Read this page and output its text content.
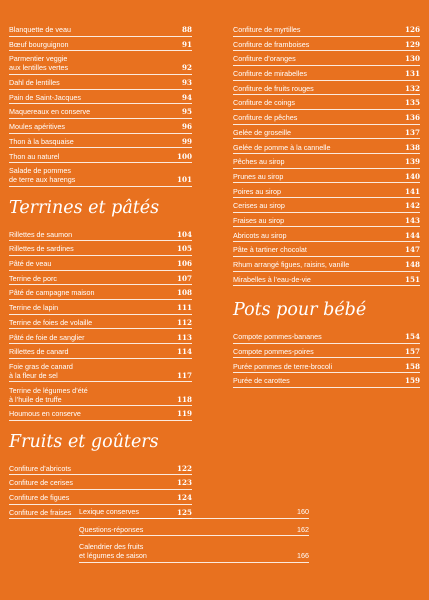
Blanquette de veau	88
Bœuf bourguignon	91
Parmentier veggie
aux lentilles vertes	92
Dahl de lentilles	93
Pain de Saint-Jacques	94
Maquereaux en conserve	95
Moules apéritives	96
Thon à la basquaise	99
Thon au naturel	100
Salade de pommes
de terre aux harengs	101
Terrines et pâtés
Rillettes de saumon	104
Rillettes de sardines	105
Pâté de veau	106
Terrine de porc	107
Pâté de campagne maison	108
Terrine de lapin	111
Terrine de foies de volaille	112
Pâté de foie de sanglier	113
Rillettes de canard	114
Foie gras de canard
à la fleur de sel	117
Terrine de légumes d’été
à l’huile de truffe	118
Houmous en conserve	119
Fruits et goûters
Confiture d’abricots	122
Confiture de cerises	123
Confiture de figues	124
Confiture de fraises	125
Confiture de myrtilles	126
Confiture de framboises	129
Confiture d’oranges	130
Confiture de mirabelles	131
Confiture de fruits rouges	132
Confiture de coings	135
Confiture de pêches	136
Gelée de groseille	137
Gelée de pomme à la cannelle	138
Pêches au sirop	139
Prunes au sirop	140
Poires au sirop	141
Cerises au sirop	142
Fraises au sirop	143
Abricots au sirop	144
Pâte à tartiner chocolat	147
Rhum arrangé figues, raisins, vanille	148
Mirabelles à l’eau-de-vie	151
Pots pour bébé
Compote pommes-bananes	154
Compote pommes-poires	157
Purée pommes de terre-brocoli	158
Purée de carottes	159
Lexique conserves	160
Questions-réponses	162
Calendrier des fruits
et légumes de saison	166
